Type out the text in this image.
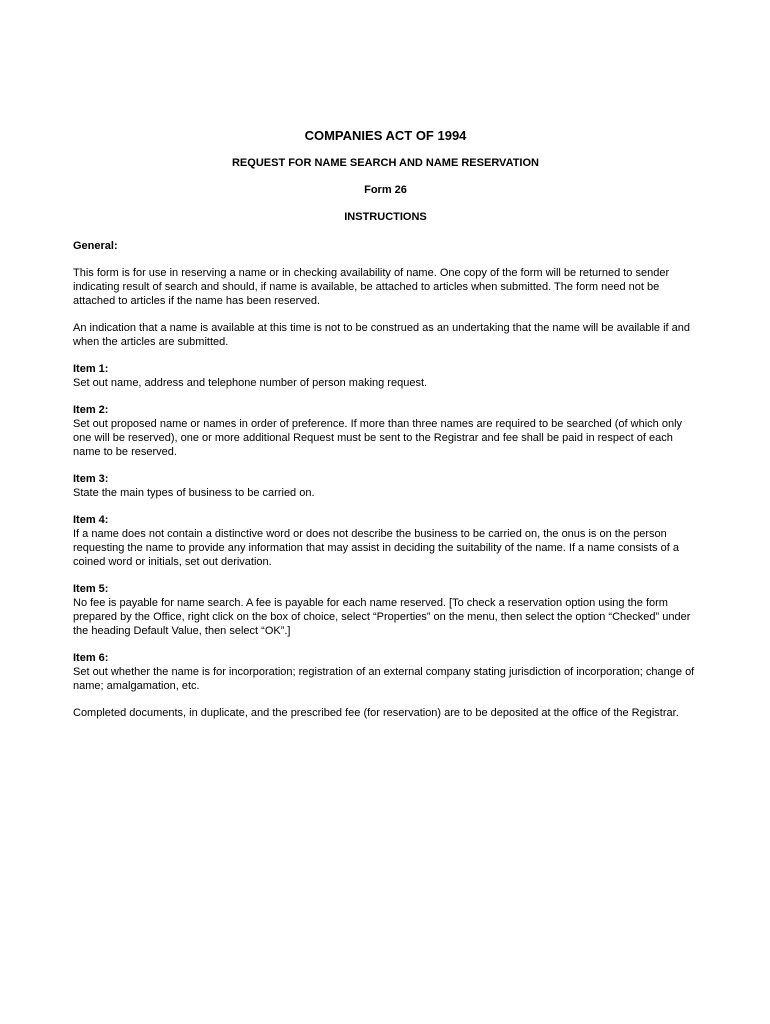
COMPANIES ACT OF 1994

REQUEST FOR NAME SEARCH AND NAME RESERVATION

Form 26

INSTRUCTIONS

General:

This form is for use in reserving a name or in checking availability of name. One copy of the form will be returned to sender indicating result of search and should, if name is available, be attached to articles when submitted. The form need not be attached to articles if the name has been reserved.

An indication that a name is available at this time is not to be construed as an undertaking that the name will be available if and when the articles are submitted.

Item 1:

Set out name, address and telephone number of person making request.

Item 2:

Set out proposed name or names in order of preference. If more than three names are required to be searched (of which only one will be reserved), one or more additional Request must be sent to the Registrar and fee shall be paid in respect of each name to be reserved.

Item 3:

State the main types of business to be carried on.

Item 4:

If a name does not contain a distinctive word or does not describe the business to be carried on, the onus is on the person requesting the name to provide any information that may assist in deciding the suitability of the name. If a name consists of a coined word or initials, set out derivation.

Item 5:

No fee is payable for name search. A fee is payable for each name reserved. [To check a reservation option using the form prepared by the Office, right click on the box of choice, select “Properties” on the menu, then select the option “Checked” under the heading Default Value, then select “OK”.]

Item 6:

Set out whether the name is for incorporation; registration of an external company stating jurisdiction of incorporation; change of name; amalgamation, etc.

Completed documents, in duplicate, and the prescribed fee (for reservation) are to be deposited at the office of the Registrar.
